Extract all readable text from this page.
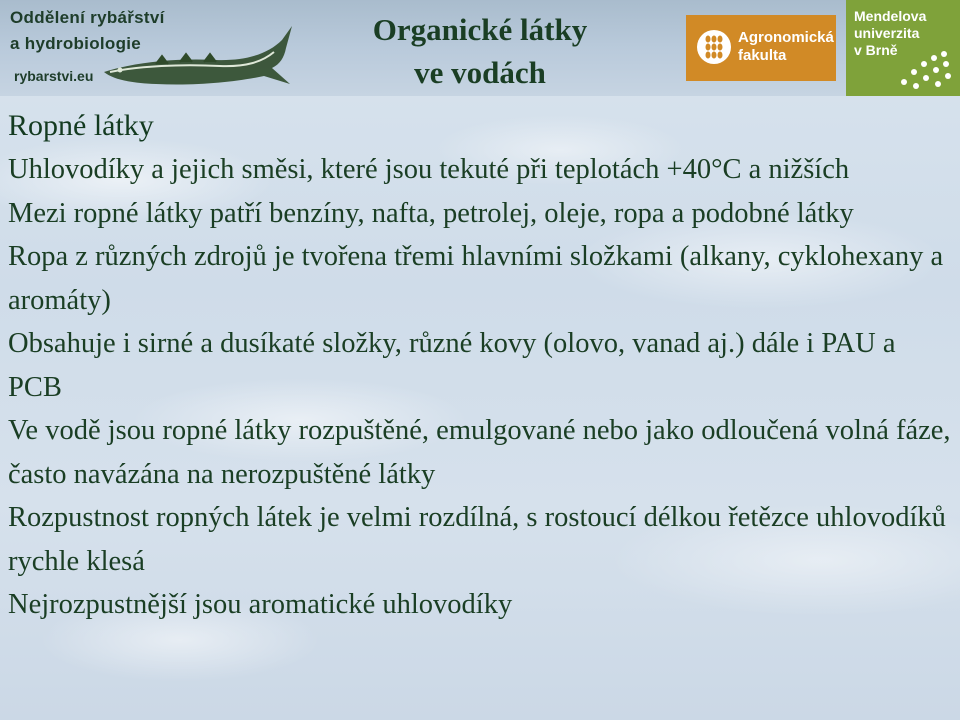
Oddělení rybářství
a hydrobiologie
rybarstvi.eu
Organické látky
ve vodách
Agronomická
fakulta
Mendelova
univerzita
v Brně
Ropné látky

Uhlovodíky a jejich směsi, které jsou tekuté při teplotách +40°C a nižších

Mezi ropné látky patří benzíny, nafta, petrolej, oleje, ropa a podobné látky

Ropa z různých zdrojů je tvořena třemi hlavními složkami (alkany, cyklohexany a aromáty)

Obsahuje i sirné a dusíkaté složky, různé kovy (olovo, vanad aj.) dále i PAU a PCB

Ve vodě jsou ropné látky rozpuštěné, emulgované nebo jako odloučená volná fáze, často navázána na nerozpuštěné látky

Rozpustnost ropných látek je velmi rozdílná, s rostoucí délkou řetězce uhlovodíků rychle klesá

Nejrozpustnější jsou aromatické uhlovodíky
